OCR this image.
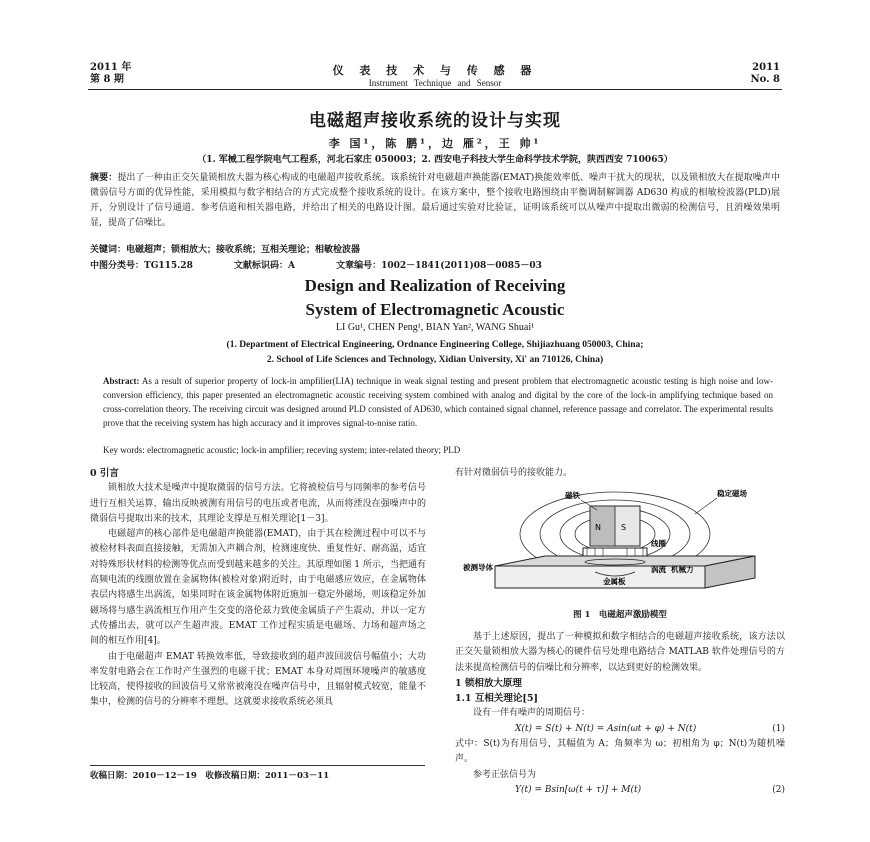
2011 年
第 8 期
仪 表 技 术 与 传 感 器
Instrument Technique and Sensor
2011
No. 8
电磁超声接收系统的设计与实现
李 国¹，陈 鹏¹，边 雁²，王 帅¹
（1. 军械工程学院电气工程系，河北石家庄 050003；2. 西安电子科技大学生命科学技术学院，陕西西安 710065）
摘要：提出了一种由正交矢量锁相放大器为核心构成的电磁超声接收系统。该系统针对电磁超声换能器(EMAT)换能效率低、噪声干扰大的现状，以及锁相放大在提取噪声中微弱信号方面的优异性能，采用模拟与数字相结合的方式完成整个接收系统的设计。在该方案中，整个接收电路围绕由平衡调制解调器 AD630 构成的相敏检波器(PLD)展开，分别设计了信号通道、参考信道和相关器电路，并给出了相关的电路设计图。最后通过实验对比验证，证明该系统可以从噪声中提取出微弱的检测信号，且消噪效果明显，提高了信噪比。
关键词：电磁超声；锁相放大；接收系统；互相关理论；相敏检波器
中图分类号：TG115.28	文献标识码：A	文章编号：1002－1841(2011)08－0085－03
Design and Realization of Receiving
System of Electromagnetic Acoustic
LI Gu¹, CHEN Peng¹, BIAN Yan², WANG Shuai¹
(1. Department of Electrical Engineering, Ordnance Engineering College, Shijiazhuang 050003, China;
2. School of Life Sciences and Technology, Xidian University, Xi' an 710126, China)
Abstract: As a result of superior property of lock-in ampfilier(LIA) technique in weak signal testing and present problem that electromagnetic acoustic testing is high noise and low-conversion efficiency, this paper presented an electromagnetic acoustic receiving system combined with analog and digital by the core of the lock-in amplifying technique based on cross-correlation theory. The receiving circuit was designed around PLD consisted of AD630, which contained signal channel, reference passage and correlator. The experimental results prove that the receiving system has high accuracy and it improves signal-to-noise ratio.
Key words: electromagnetic acoustic; lock-in ampfilier; receving system; inter-related theory; PLD
0 引言

锁相放大技术是噪声中提取微弱的信号方法。它将被检信号与同频率的参考信号进行互相关运算，输出反映被测有用信号的电压或者电流，从而将湮没在强噪声中的微弱信号提取出来的技术，其理论支撑是互相关理论[1－3]。

电磁超声的核心部件是电磁超声换能器(EMAT)，由于其在检测过程中可以不与被检材料表面直接接触，无需加入声耦合剂，检测速度快、重复性好、耐高温，适宜对特殊形状材料的检测等优点而受到越来越多的关注。其原理如图 1 所示，当把通有高频电流的线圈放置在金属物体(被检对象)附近时，由于电磁感应效应，在金属物体表层内将感生出涡流，如果同时在该金属物体附近施加一稳定外磁场，则该稳定外加磁场将与感生涡流相互作用产生交变的洛伦兹力致使金属质子产生震动，并以一定方式传播出去，就可以产生超声波。EMAT 工作过程实质是电磁场、力场和超声场之间的相互作用[4]。

由于电磁超声 EMAT 转换效率低，导致接收到的超声波回波信号幅值小；大功率发射电路会在工作时产生强烈的电磁干扰；EMAT 本身对周围环境噪声的敏感度比较高，使得接收的回波信号又常常被淹没在噪声信号中，且辐射模式较宽，能量不集中，检测的信号的分辨率不理想。这就要求接收系统必须具

收稿日期：2010－12－19　收修改稿日期：2011－03－11
有针对微弱信号的接收能力。
N	S
磁铁	稳定磁场
线圈
涡流 机械力
被测导体
金属板
图 1　电磁超声激励模型

基于上述原因，提出了一种模拟和数字相结合的电磁超声接收系统，该方法以正交矢量锁相放大器为核心的硬件信号处理电路结合 MATLAB 软件处理信号的方法来提高检测信号的信噪比和分辨率，以达到更好的检测效果。

1 锁相放大原理
1.1 互相关理论[5]

设有一伴有噪声的周期信号：

X(t) = S(t) + N(t) = Asin(ωt + φ) + N(t)	(1)
式中：S(t)为有用信号，其幅值为 A；角频率为 ω；初相角为 φ；N(t)为随机噪声。

参考正弦信号为

Y(t) = Bsin[ω(t + τ)] + M(t)	(2)
